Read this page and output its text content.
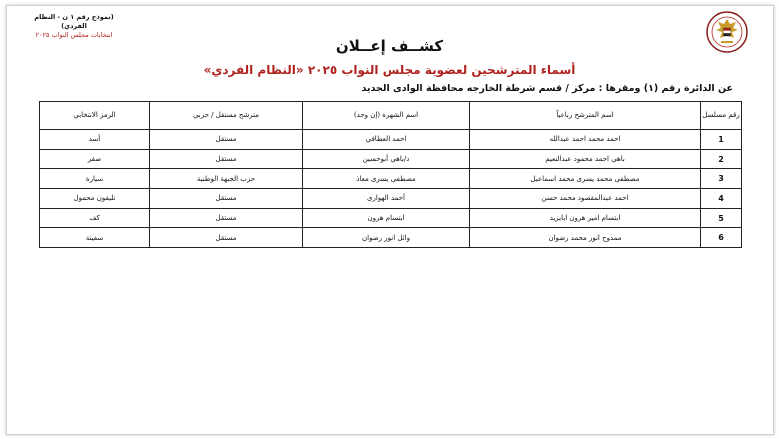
(نموذج رقم ١ ن - النظام الفردي)
انتخابات مجلس النواب ٢٠٢٥
كشــف إعــلان
أسماء المترشحين لعضوية مجلس النواب ٢٠٢٥ «النظام الفردي»
عن الدائرة رقم (١) ومقرها : مركز / قسم شرطة الخارجه محافظة الوادى الجديد
رقم مسلسل	اسم المترشح رباعياً	اسم الشهرة (إن وجد)	مترشح مستقل / حزبي	الرمز الانتخابي
1	احمد محمد احمد عبدالله	احمد العطافي	مستقل	أسد
2	باهي احمد محمود عبدالنعيم	د/باهي أبوحسين	مستقل	صقر
3	مصطفى محمد يسرى محمد اسماعيل	مصطفى يسرى معاذ	حزب الجبهة الوطنية	سيارة
4	احمد عبدالمقصود محمد حسن	أحمد الهوارى	مستقل	تليفون محمول
5	ابتسام امير هرون ابايزيد	ابتسام هرون	مستقل	كف
6	ممدوح انور محمد رضوان	وائل انور رضوان	مستقل	سفينة
